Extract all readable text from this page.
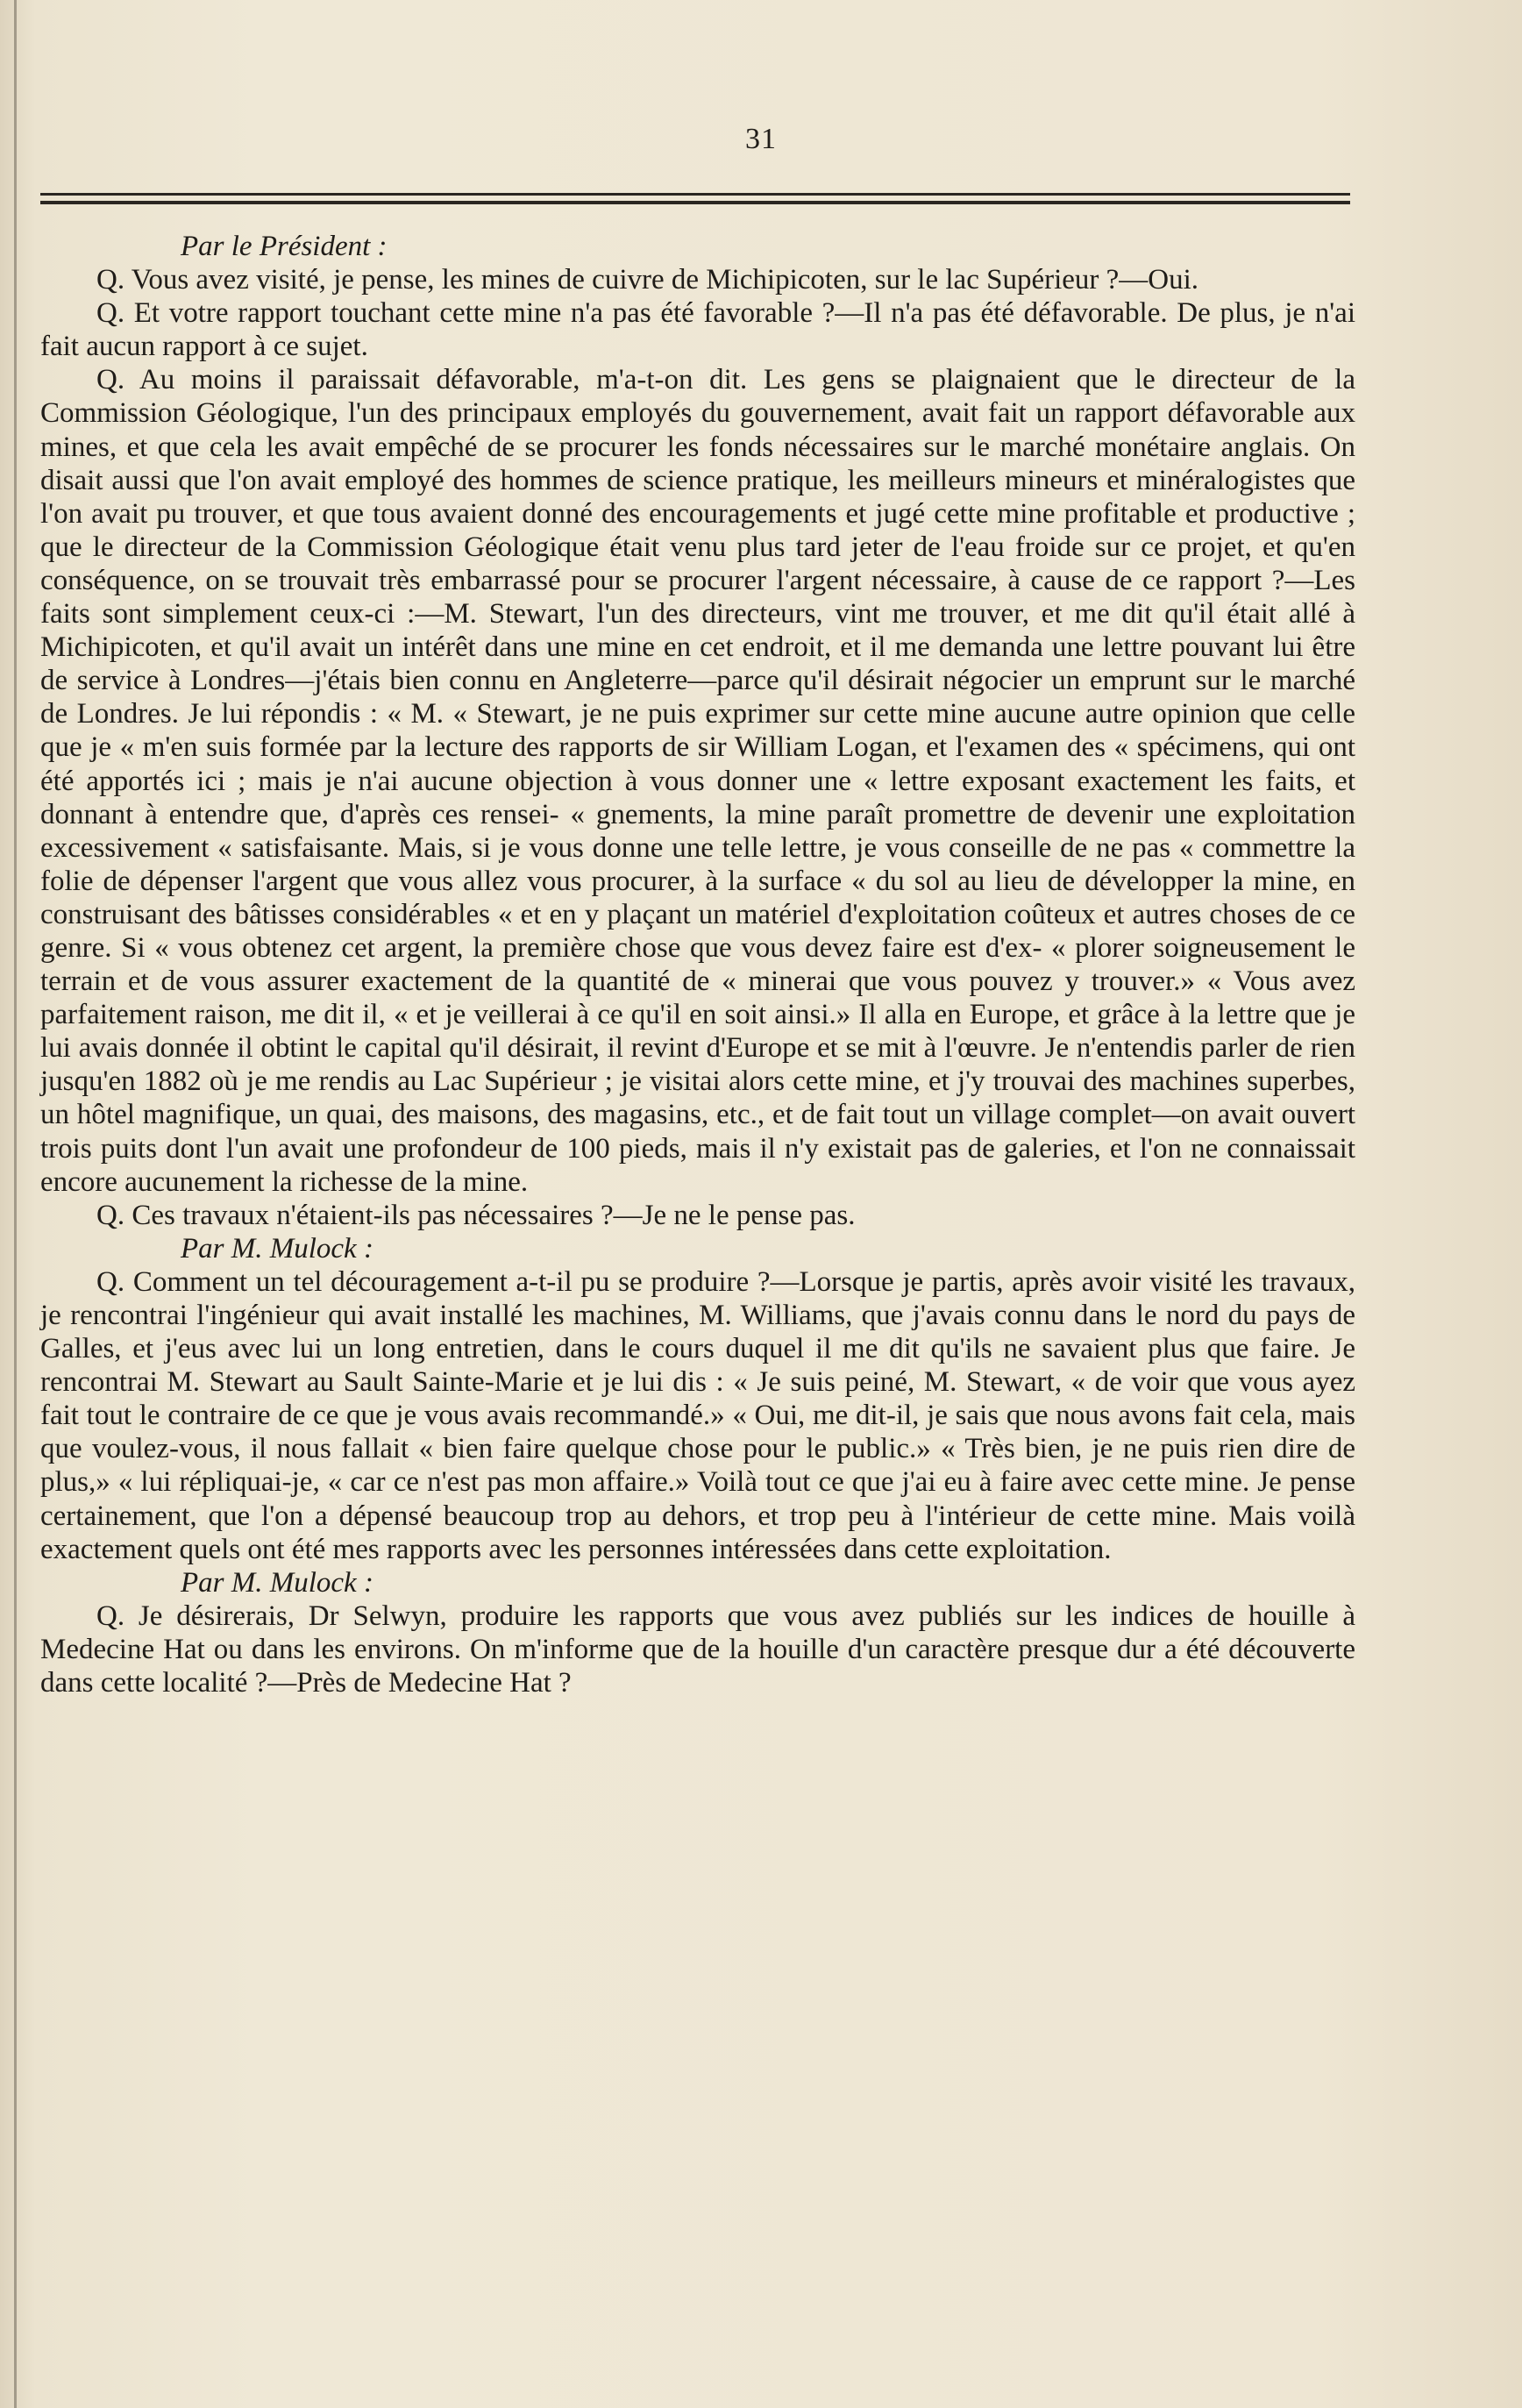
31

Par le Président :

Q. Vous avez visité, je pense, les mines de cuivre de Michipicoten, sur le lac Supérieur ?—Oui.

Q. Et votre rapport touchant cette mine n'a pas été favorable ?—Il n'a pas été défavorable. De plus, je n'ai fait aucun rapport à ce sujet.

Q. Au moins il paraissait défavorable, m'a-t-on dit. Les gens se plaignaient que le directeur de la Commission Géologique, l'un des principaux employés du gouvernement, avait fait un rapport défavorable aux mines, et que cela les avait empêché de se procurer les fonds nécessaires sur le marché monétaire anglais. On disait aussi que l'on avait employé des hommes de science pratique, les meilleurs mineurs et minéralogistes que l'on avait pu trouver, et que tous avaient donné des encouragements et jugé cette mine profitable et productive ; que le directeur de la Commission Géologique était venu plus tard jeter de l'eau froide sur ce projet, et qu'en conséquence, on se trouvait très embarrassé pour se procurer l'argent nécessaire, à cause de ce rapport ?—Les faits sont simplement ceux-ci :—M. Stewart, l'un des directeurs, vint me trouver, et me dit qu'il était allé à Michipicoten, et qu'il avait un intérêt dans une mine en cet endroit, et il me demanda une lettre pouvant lui être de service à Londres—j'étais bien connu en Angleterre—parce qu'il désirait négocier un emprunt sur le marché de Londres. Je lui répondis : « M. « Stewart, je ne puis exprimer sur cette mine aucune autre opinion que celle que je « m'en suis formée par la lecture des rapports de sir William Logan, et l'examen des « spécimens, qui ont été apportés ici ; mais je n'ai aucune objection à vous donner une « lettre exposant exactement les faits, et donnant à entendre que, d'après ces rensei- « gnements, la mine paraît promettre de devenir une exploitation excessivement « satisfaisante. Mais, si je vous donne une telle lettre, je vous conseille de ne pas « commettre la folie de dépenser l'argent que vous allez vous procurer, à la surface « du sol au lieu de développer la mine, en construisant des bâtisses considérables « et en y plaçant un matériel d'exploitation coûteux et autres choses de ce genre. Si « vous obtenez cet argent, la première chose que vous devez faire est d'ex- « plorer soigneusement le terrain et de vous assurer exactement de la quantité de « minerai que vous pouvez y trouver.» « Vous avez parfaitement raison, me dit il, « et je veillerai à ce qu'il en soit ainsi.» Il alla en Europe, et grâce à la lettre que je lui avais donnée il obtint le capital qu'il désirait, il revint d'Europe et se mit à l'œuvre. Je n'entendis parler de rien jusqu'en 1882 où je me rendis au Lac Supérieur ; je visitai alors cette mine, et j'y trouvai des machines superbes, un hôtel magnifique, un quai, des maisons, des magasins, etc., et de fait tout un village complet—on avait ouvert trois puits dont l'un avait une profondeur de 100 pieds, mais il n'y existait pas de galeries, et l'on ne connaissait encore aucunement la richesse de la mine.

Q. Ces travaux n'étaient-ils pas nécessaires ?—Je ne le pense pas.

Par M. Mulock :

Q. Comment un tel découragement a-t-il pu se produire ?—Lorsque je partis, après avoir visité les travaux, je rencontrai l'ingénieur qui avait installé les machines, M. Williams, que j'avais connu dans le nord du pays de Galles, et j'eus avec lui un long entretien, dans le cours duquel il me dit qu'ils ne savaient plus que faire. Je rencontrai M. Stewart au Sault Sainte-Marie et je lui dis : « Je suis peiné, M. Stewart, « de voir que vous ayez fait tout le contraire de ce que je vous avais recommandé.» « Oui, me dit-il, je sais que nous avons fait cela, mais que voulez-vous, il nous fallait « bien faire quelque chose pour le public.» « Très bien, je ne puis rien dire de plus,» « lui répliquai-je, « car ce n'est pas mon affaire.» Voilà tout ce que j'ai eu à faire avec cette mine. Je pense certainement, que l'on a dépensé beaucoup trop au dehors, et trop peu à l'intérieur de cette mine. Mais voilà exactement quels ont été mes rapports avec les personnes intéressées dans cette exploitation.

Par M. Mulock :

Q. Je désirerais, Dr Selwyn, produire les rapports que vous avez publiés sur les indices de houille à Medecine Hat ou dans les environs. On m'informe que de la houille d'un caractère presque dur a été découverte dans cette localité ?—Près de Medecine Hat ?
